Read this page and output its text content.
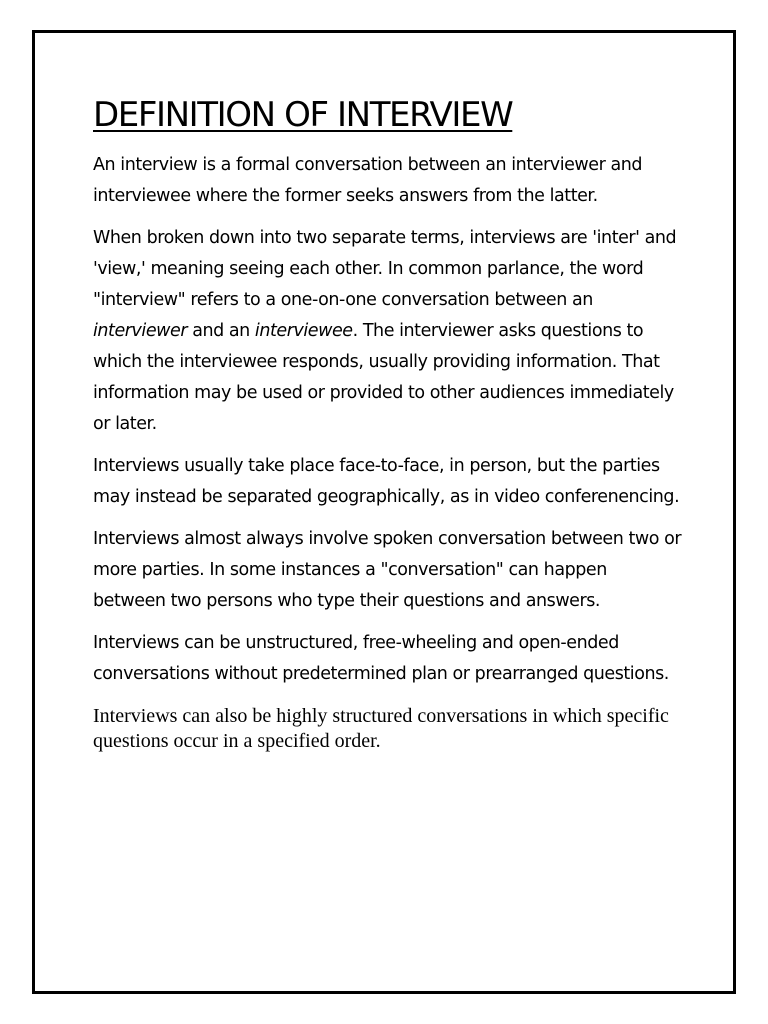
DEFINITION OF INTERVIEW

An interview is a formal conversation between an interviewer and interviewee where the former seeks answers from the latter.

When broken down into two separate terms, interviews are 'inter' and 'view,' meaning seeing each other. In common parlance, the word "interview" refers to a one-on-one conversation between an interviewer and an interviewee. The interviewer asks questions to which the interviewee responds, usually providing information. That information may be used or provided to other audiences immediately or later.

Interviews usually take place face-to-face, in person, but the parties may instead be separated geographically, as in video conferenencing.

Interviews almost always involve spoken conversation between two or more parties. In some instances a "conversation" can happen between two persons who type their questions and answers.

Interviews can be unstructured, free-wheeling and open-ended conversations without predetermined plan or prearranged questions.

Interviews can also be highly structured conversations in which specific questions occur in a specified order.
